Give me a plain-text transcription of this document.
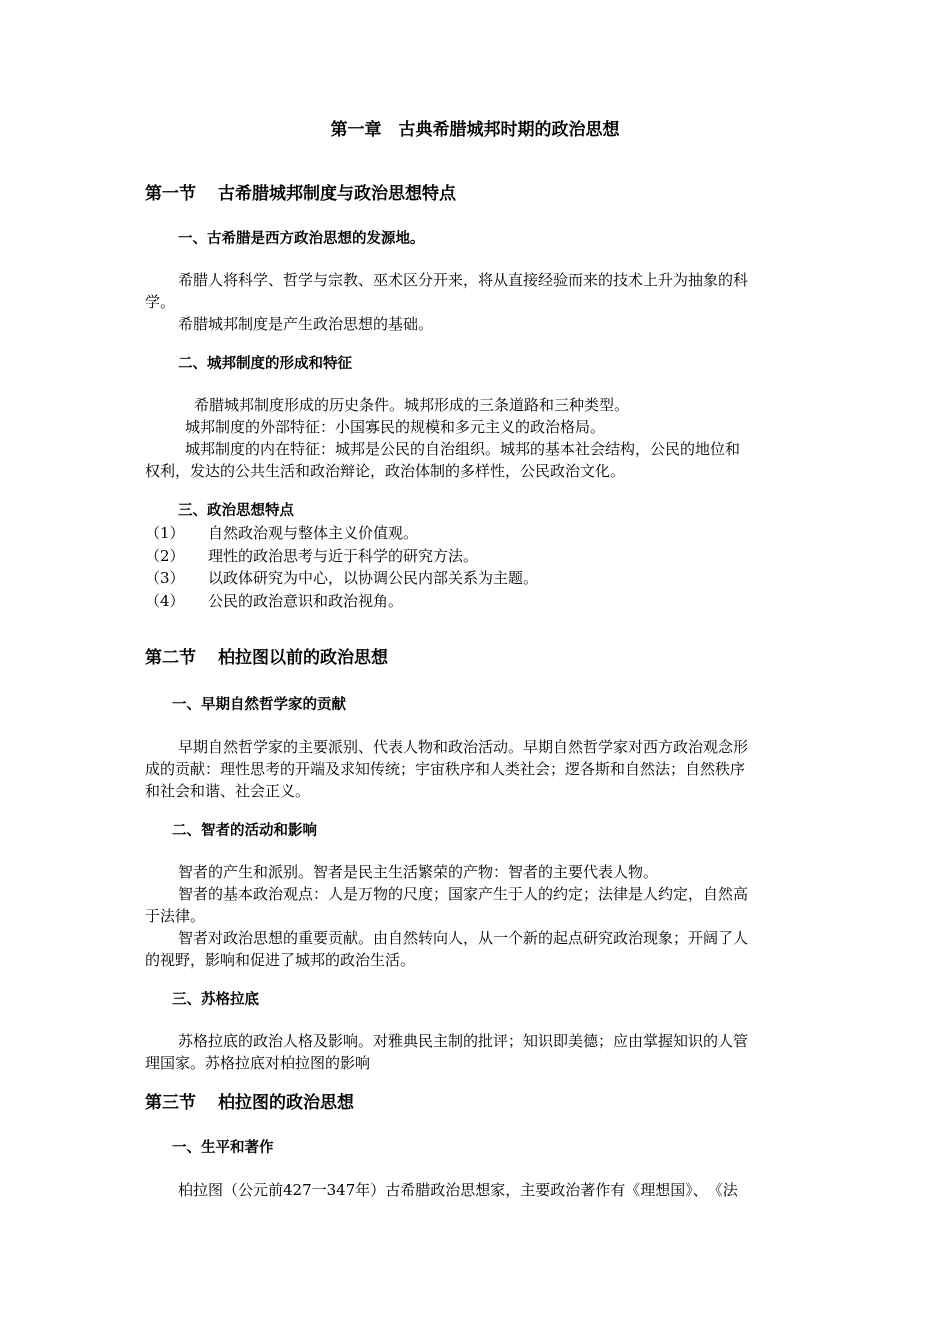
第一章　古典希腊城邦时期的政治思想
第一节 古希腊城邦制度与政治思想特点
一、古希腊是西方政治思想的发源地。
希腊人将科学、哲学与宗教、巫术区分开来，将从直接经验而来的技术上升为抽象的科
学。
希腊城邦制度是产生政治思想的基础。
二、城邦制度的形成和特征
希腊城邦制度形成的历史条件。城邦形成的三条道路和三种类型。
城邦制度的外部特征：小国寡民的规模和多元主义的政治格局。
城邦制度的内在特征：城邦是公民的自治组织。城邦的基本社会结构，公民的地位和
权利，发达的公共生活和政治辩论，政治体制的多样性，公民政治文化。
三、政治思想特点
（1） 自然政治观与整体主义价值观。
（2） 理性的政治思考与近于科学的研究方法。
（3） 以政体研究为中心，以协调公民内部关系为主题。
（4） 公民的政治意识和政治视角。
第二节 柏拉图以前的政治思想
一、早期自然哲学家的贡献
早期自然哲学家的主要派别、代表人物和政治活动。早期自然哲学家对西方政治观念形
成的贡献：理性思考的开端及求知传统；宇宙秩序和人类社会；逻各斯和自然法；自然秩序
和社会和谐、社会正义。
二、智者的活动和影响
智者的产生和派别。智者是民主生活繁荣的产物：智者的主要代表人物。
智者的基本政治观点：人是万物的尺度；国家产生于人的约定；法律是人约定，自然高
于法律。
智者对政治思想的重要贡献。由自然转向人，从一个新的起点研究政治现象；开阔了人
的视野，影响和促进了城邦的政治生活。
三、苏格拉底
苏格拉底的政治人格及影响。对雅典民主制的批评；知识即美德；应由掌握知识的人管
理国家。苏格拉底对柏拉图的影响
第三节 柏拉图的政治思想
一、生平和著作
柏拉图（公元前427一347年）古希腊政治思想家，主要政治著作有《理想国》、　《法
